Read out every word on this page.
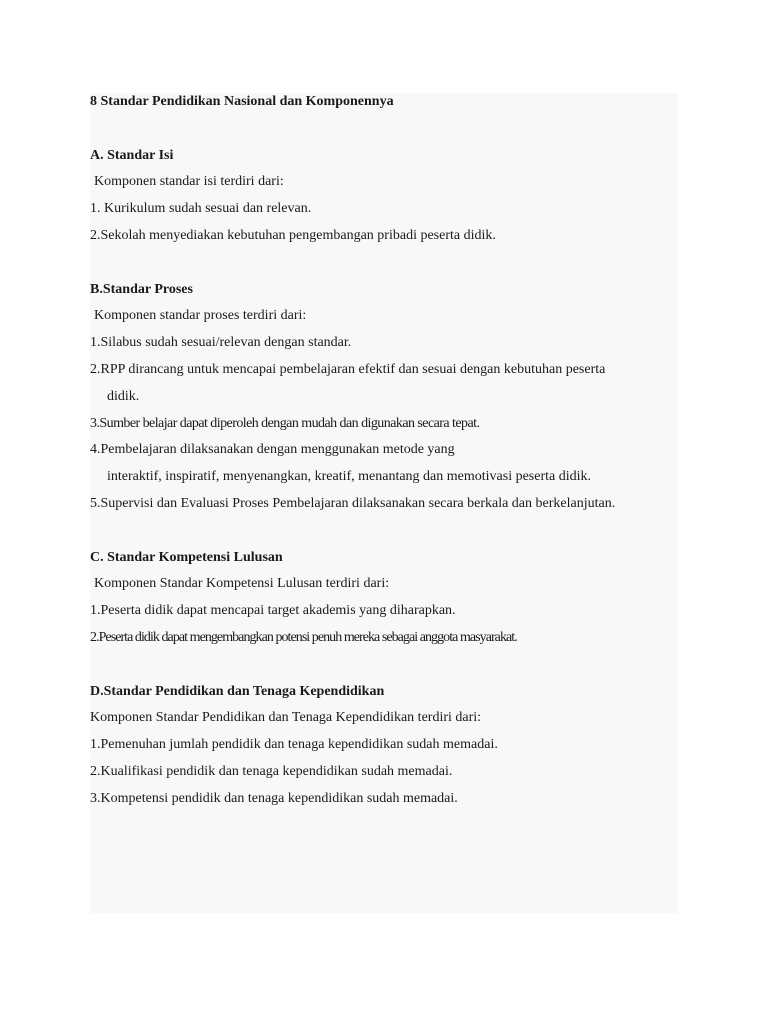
8 Standar Pendidikan Nasional dan Komponennya

A. Standar Isi

Komponen standar isi terdiri dari:

1. Kurikulum sudah sesuai dan relevan.

2.Sekolah menyediakan kebutuhan pengembangan pribadi peserta didik.

B.Standar Proses

Komponen standar proses terdiri dari:

1.Silabus sudah sesuai/relevan dengan standar.

2.RPP dirancang untuk mencapai pembelajaran efektif dan sesuai dengan kebutuhan peserta

didik.

3.Sumber belajar dapat diperoleh dengan mudah dan digunakan secara tepat.

4.Pembelajaran dilaksanakan dengan menggunakan metode yang

interaktif, inspiratif, menyenangkan, kreatif, menantang dan memotivasi peserta didik.

5.Supervisi dan Evaluasi Proses Pembelajaran dilaksanakan secara berkala dan berkelanjutan.

C. Standar Kompetensi Lulusan

Komponen Standar Kompetensi Lulusan terdiri dari:

1.Peserta didik dapat mencapai target akademis yang diharapkan.

2.Peserta didik dapat mengembangkan potensi penuh mereka sebagai anggota masyarakat.

D.Standar Pendidikan dan Tenaga Kependidikan

Komponen Standar Pendidikan dan Tenaga Kependidikan terdiri dari:

1.Pemenuhan jumlah pendidik dan tenaga kependidikan sudah memadai.

2.Kualifikasi pendidik dan tenaga kependidikan sudah memadai.

3.Kompetensi pendidik dan tenaga kependidikan sudah memadai.
